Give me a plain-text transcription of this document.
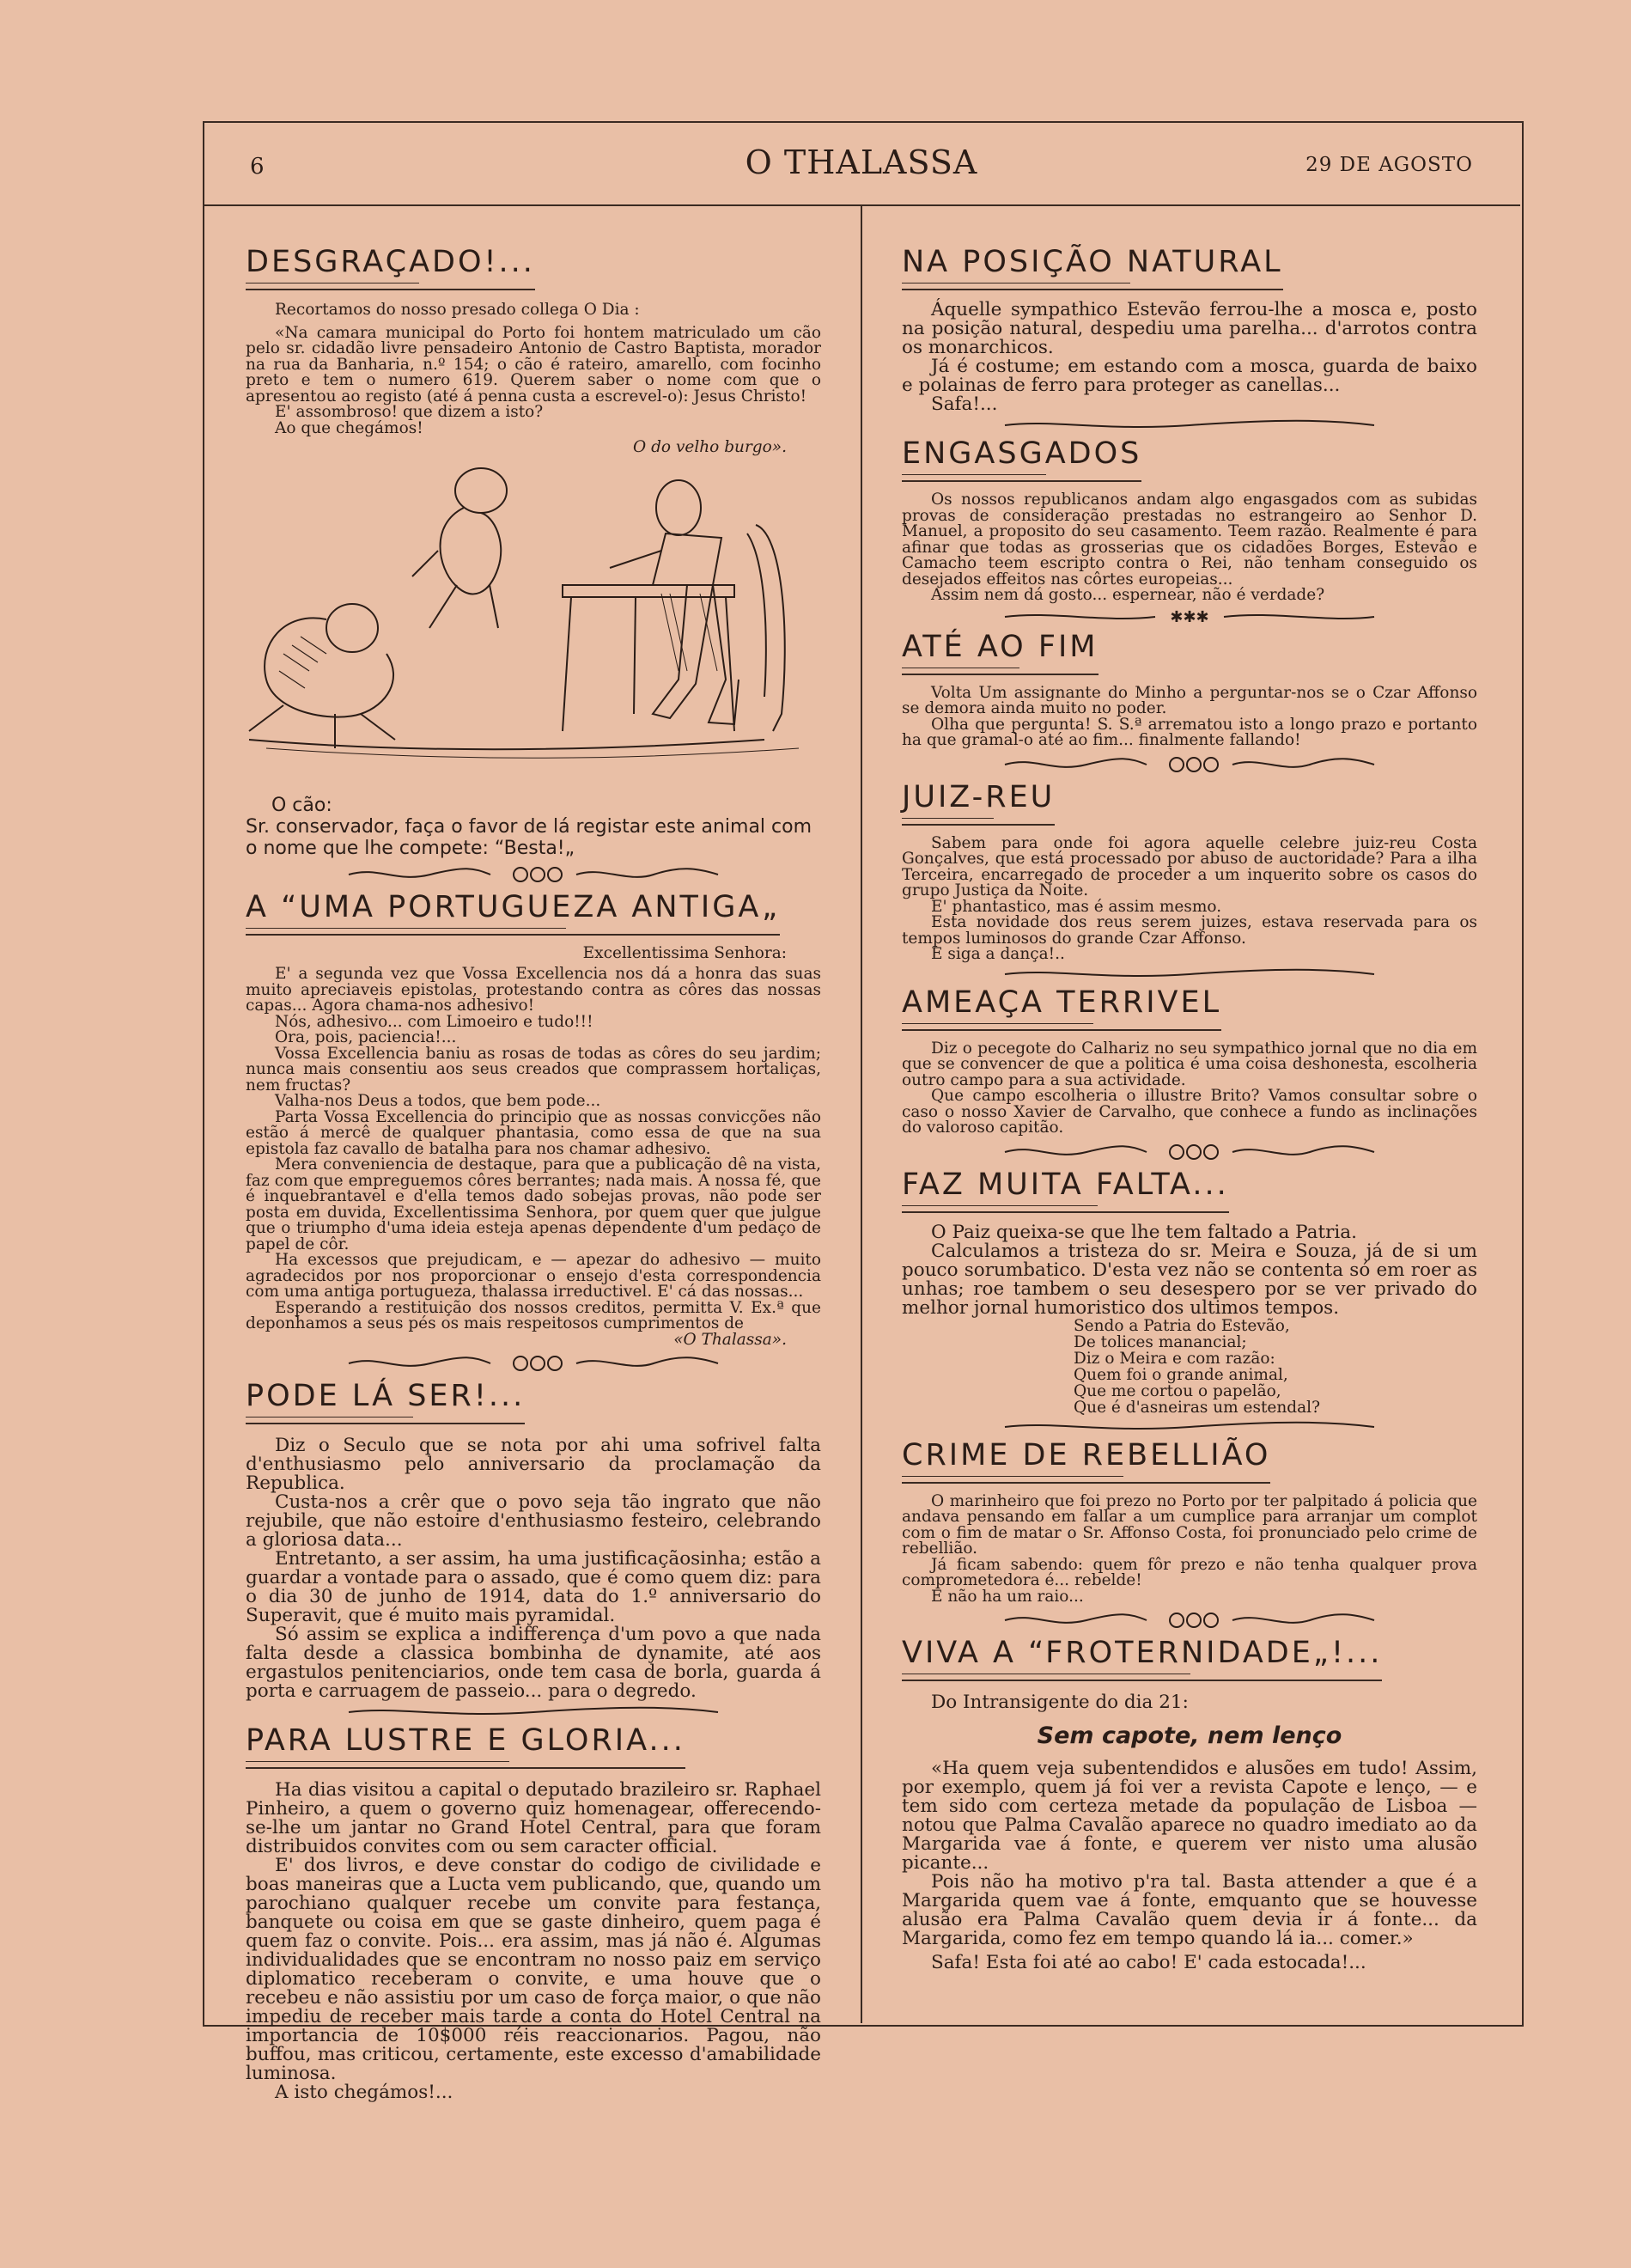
6	O THALASSA	29 DE AGOSTO
DESGRAÇADO!...

Recortamos do nosso presado collega O Dia :

«Na camara municipal do Porto foi hontem matriculado um cão pelo sr. cidadão livre pensadeiro Antonio de Castro Baptista, morador na rua da Banharia, n.º 154; o cão é rateiro, amarello, com focinho preto e tem o numero 619. Querem saber o nome com que o apresentou ao registo (até á penna custa a escrevel-o): Jesus Christo!

E' assombroso! que dizem a isto?

Ao que chegámos!

O do velho burgo».

O cão:

Sr. conservador, faça o favor de lá registar este animal com o nome que lhe compete: “Besta!„

A “UMA PORTUGUEZA ANTIGA„

Excellentissima Senhora:

E' a segunda vez que Vossa Excellencia nos dá a honra das suas muito apreciaveis epistolas, protestando contra as côres das nossas capas... Agora chama-nos adhesivo!

Nós, adhesivo... com Limoeiro e tudo!!!

Ora, pois, paciencia!...

Vossa Excellencia baniu as rosas de todas as côres do seu jardim; nunca mais consentiu aos seus creados que comprassem hortaliças, nem fructas?

Valha-nos Deus a todos, que bem pode...

Parta Vossa Excellencia do principio que as nossas convicções não estão á mercê de qualquer phantasia, como essa de que na sua epistola faz cavallo de batalha para nos chamar adhesivo.

Mera conveniencia de destaque, para que a publicação dê na vista, faz com que empreguemos côres berrantes; nada mais. A nossa fé, que é inquebrantavel e d'ella temos dado sobejas provas, não pode ser posta em duvida, Excellentissima Senhora, por quem quer que julgue que o triumpho d'uma ideia esteja apenas dependente d'um pedaço de papel de côr.

Ha excessos que prejudicam, e — apezar do adhesivo — muito agradecidos por nos proporcionar o ensejo d'esta correspondencia com uma antiga portugueza, thalassa irreductivel. E' cá das nossas...

Esperando a restituição dos nossos creditos, permitta V. Ex.ª que deponhamos a seus pés os mais respeitosos cumprimentos de

«O Thalassa».

PODE LÁ SER!...

Diz o Seculo que se nota por ahi uma sofrivel falta d'enthusiasmo pelo anniversario da proclamação da Republica.

Custa-nos a crêr que o povo seja tão ingrato que não rejubile, que não estoire d'enthusiasmo festeiro, celebrando a gloriosa data...

Entretanto, a ser assim, ha uma justificaçãosinha; estão a guardar a vontade para o assado, que é como quem diz: para o dia 30 de junho de 1914, data do 1.º anniversario do Superavit, que é muito mais pyramidal.

Só assim se explica a indifferença d'um povo a que nada falta desde a classica bombinha de dynamite, até aos ergastulos penitenciarios, onde tem casa de borla, guarda á porta e carruagem de passeio... para o degredo.

PARA LUSTRE E GLORIA...

Ha dias visitou a capital o deputado brazileiro sr. Raphael Pinheiro, a quem o governo quiz homenagear, offerecendo-se-lhe um jantar no Grand Hotel Central, para que foram distribuidos convites com ou sem caracter official.

E' dos livros, e deve constar do codigo de civilidade e boas maneiras que a Lucta vem publicando, que, quando um parochiano qualquer recebe um convite para festança, banquete ou coisa em que se gaste dinheiro, quem paga é quem faz o convite. Pois... era assim, mas já não é. Algumas individualidades que se encontram no nosso paiz em serviço diplomatico receberam o convite, e uma houve que o recebeu e não assistiu por um caso de força maior, o que não impediu de receber mais tarde a conta do Hotel Central na importancia de 10$000 réis reaccionarios. Pagou, não buffou, mas criticou, certamente, este excesso d'amabilidade luminosa.

A isto chegámos!...

NA POSIÇÃO NATURAL

Áquelle sympathico Estevão ferrou-lhe a mosca e, posto na posição natural, despediu uma parelha... d'arrotos contra os monarchicos.

Já é costume; em estando com a mosca, guarda de baixo e polainas de ferro para proteger as canellas...

Safa!...

ENGASGADOS

Os nossos republicanos andam algo engasgados com as subidas provas de consideração prestadas no estrangeiro ao Senhor D. Manuel, a proposito do seu casamento. Teem razão. Realmente é para afinar que todas as grosserias que os cidadões Borges, Estevão e Camacho teem escripto contra o Rei, não tenham conseguido os desejados effeitos nas côrtes europeias...

Assim nem dá gosto... espernear, não é verdade?

✱✱✱
ATÉ AO FIM

Volta Um assignante do Minho a perguntar-nos se o Czar Affonso se demora ainda muito no poder.

Olha que pergunta! S. S.ª arrematou isto a longo prazo e portanto ha que gramal-o até ao fim... finalmente fallando!

JUIZ-REU

Sabem para onde foi agora aquelle celebre juiz-reu Costa Gonçalves, que está processado por abuso de auctoridade? Para a ilha Terceira, encarregado de proceder a um inquerito sobre os casos do grupo Justiça da Noite.

E' phantastico, mas é assim mesmo.

Esta novidade dos reus serem juizes, estava reservada para os tempos luminosos do grande Czar Affonso.

E siga a dança!..

AMEAÇA TERRIVEL

Diz o pecegote do Calhariz no seu sympathico jornal que no dia em que se convencer de que a politica é uma coisa deshonesta, escolheria outro campo para a sua actividade.

Que campo escolheria o illustre Brito? Vamos consultar sobre o caso o nosso Xavier de Carvalho, que conhece a fundo as inclinações do valoroso capitão.

FAZ MUITA FALTA...

O Paiz queixa-se que lhe tem faltado a Patria.

Calculamos a tristeza do sr. Meira e Souza, já de si um pouco sorumbatico. D'esta vez não se contenta só em roer as unhas; roe tambem o seu desespero por se ver privado do melhor jornal humoristico dos ultimos tempos.

Sendo a Patria do Estevão,
De tolices manancial;
Diz o Meira e com razão:
Quem foi o grande animal,
Que me cortou o papelão,
Que é d'asneiras um estendal?
CRIME DE REBELLIÃO

O marinheiro que foi prezo no Porto por ter palpitado á policia que andava pensando em fallar a um cumplice para arranjar um complot com o fim de matar o Sr. Affonso Costa, foi pronunciado pelo crime de rebellião.

Já ficam sabendo: quem fôr prezo e não tenha qualquer prova comprometedora é... rebelde!

E não ha um raio...

VIVA A “FROTERNIDADE„!...

Do Intransigente do dia 21:

Sem capote, nem lenço

«Ha quem veja subentendidos e alusões em tudo! Assim, por exemplo, quem já foi ver a revista Capote e lenço, — e tem sido com certeza metade da população de Lisboa — notou que Palma Cavalão aparece no quadro imediato ao da Margarida vae á fonte, e querem ver nisto uma alusão picante...

Pois não ha motivo p'ra tal. Basta attender a que é a Margarida quem vae á fonte, emquanto que se houvesse alusão era Palma Cavalão quem devia ir á fonte... da Margarida, como fez em tempo quando lá ia... comer.»

Safa! Esta foi até ao cabo! E' cada estocada!...
